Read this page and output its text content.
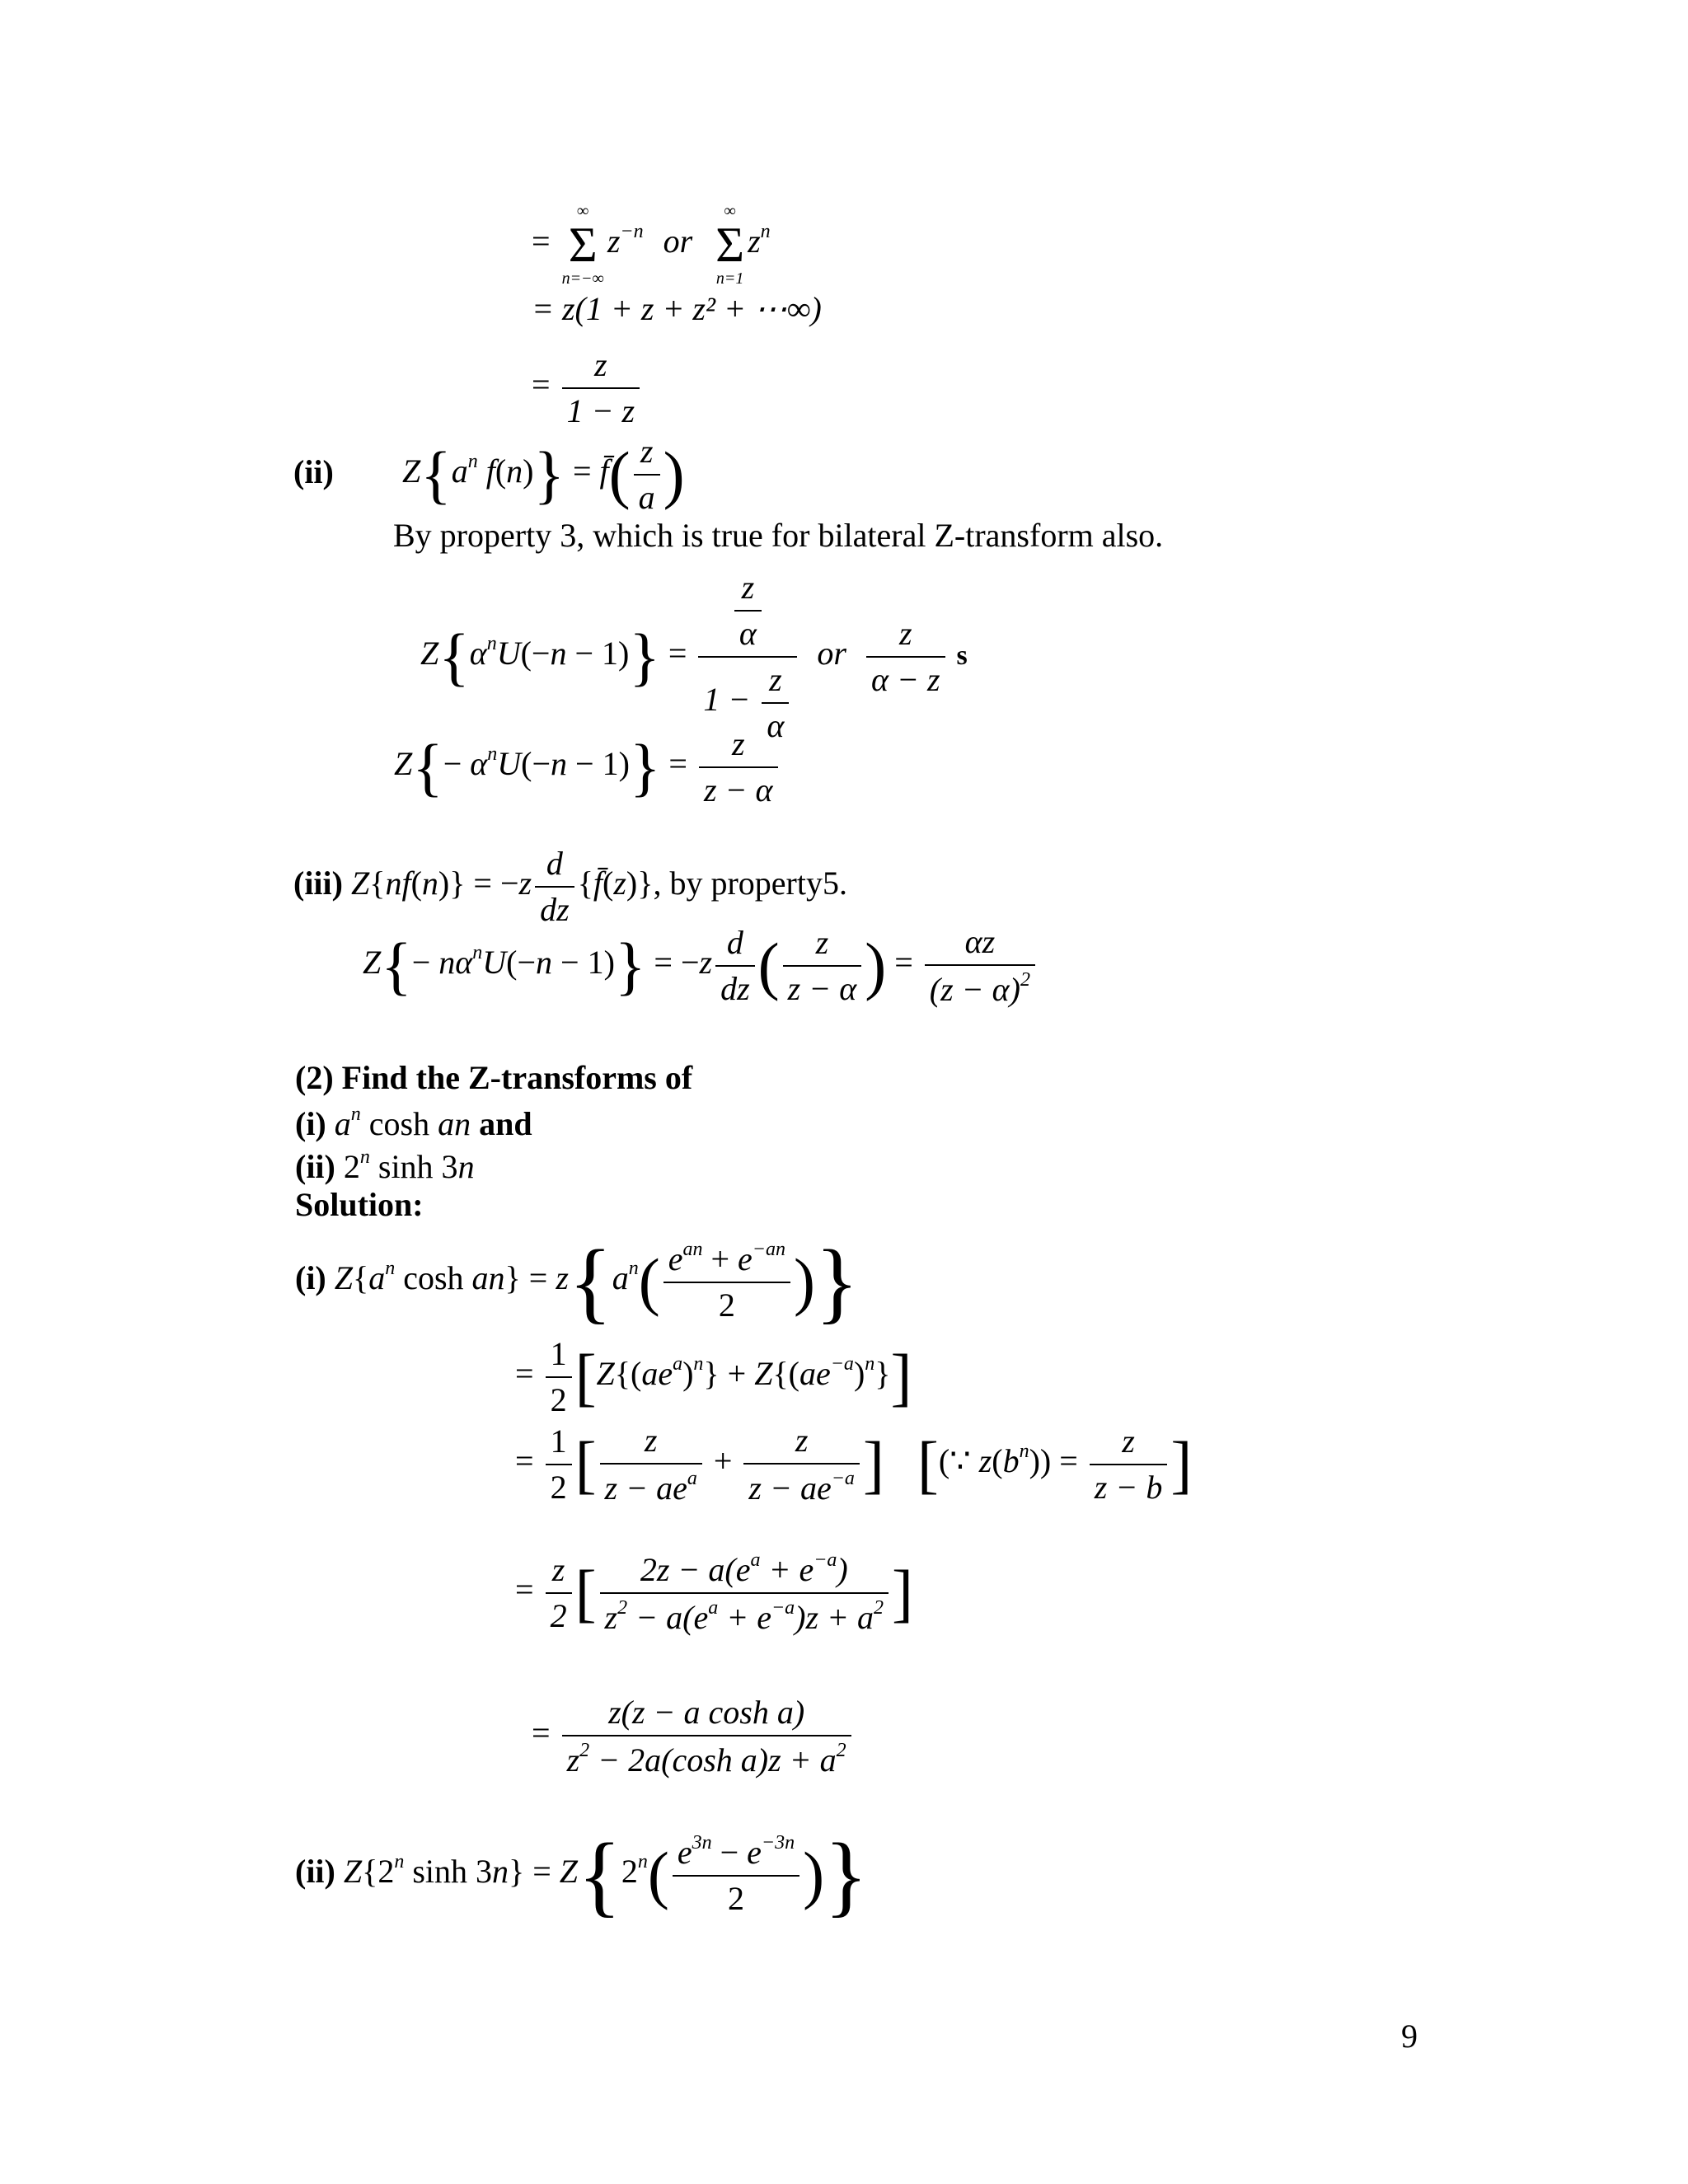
=
∞
Σ
n=−∞
$z^{-n}$ or
∞
Σ
n=1
$z^n$
= z(1 + z + z² + ⋯∞)
= $\frac{z}{1 - z}$
(ii) $Z\{a^n$ f(n)} = f̄( $\frac{z}{a}$ )
By property 3, which is true for bilateral Z-transform also.
$Z\{\alpha^nU(-n - 1)\} = \frac{\frac{z}{\alpha}}{1 - \frac{z}{\alpha}}$ or $\frac{z}{\alpha - z}$ s
$Z\{- \alpha^nU(-n - 1)\} = \frac{z}{z - \alpha}$
(iii) $Z\{nf(n)\} = -z \frac{d}{dz}$ {f̄(z)}, by property5.
$Z\{- n\alpha^nU(-n - 1)\} = -z \frac{d}{dz}$ ( $\frac{z}{z - \alpha}$ ) = $\frac{\alpha z}{(z - \alpha)^2}$
(2) Find the Z-transforms of
(i) $a^n$ cosh an and
(ii) 2$^n$ sinh 3n
Solution:
(i) $Z\{a^n$ $\cosh an\} = z\{a^n( \frac{e^{an} + e^{-an}}{2}$ )}
= $\frac{1}{2} [Z\{(ae^a)^n\} + Z\{(ae^{-a})^n\}]$
= $\frac{1}{2}$ [ $\frac{z}{z - ae^a} + \frac{z}{z - ae^{-a}}$ ] [(∵ $z(b^n)) = \frac{z}{z - b}$ ]
= $\frac{z}{2}$ [ $\frac{2z - a(e^a + e^{-a})}{z^2 - a(e^a + e^{-a})z + a^2}$ ]
= $\frac{\text{z(z − a cosh a)}}{z^2 - 2a(\cosh a)z + a^2}$
(ii) Z{2$^n$ $\sinh 3n\} = Z\{2^n( \frac{e^{3n} - e^{-3n}}{2}$ )}
9
